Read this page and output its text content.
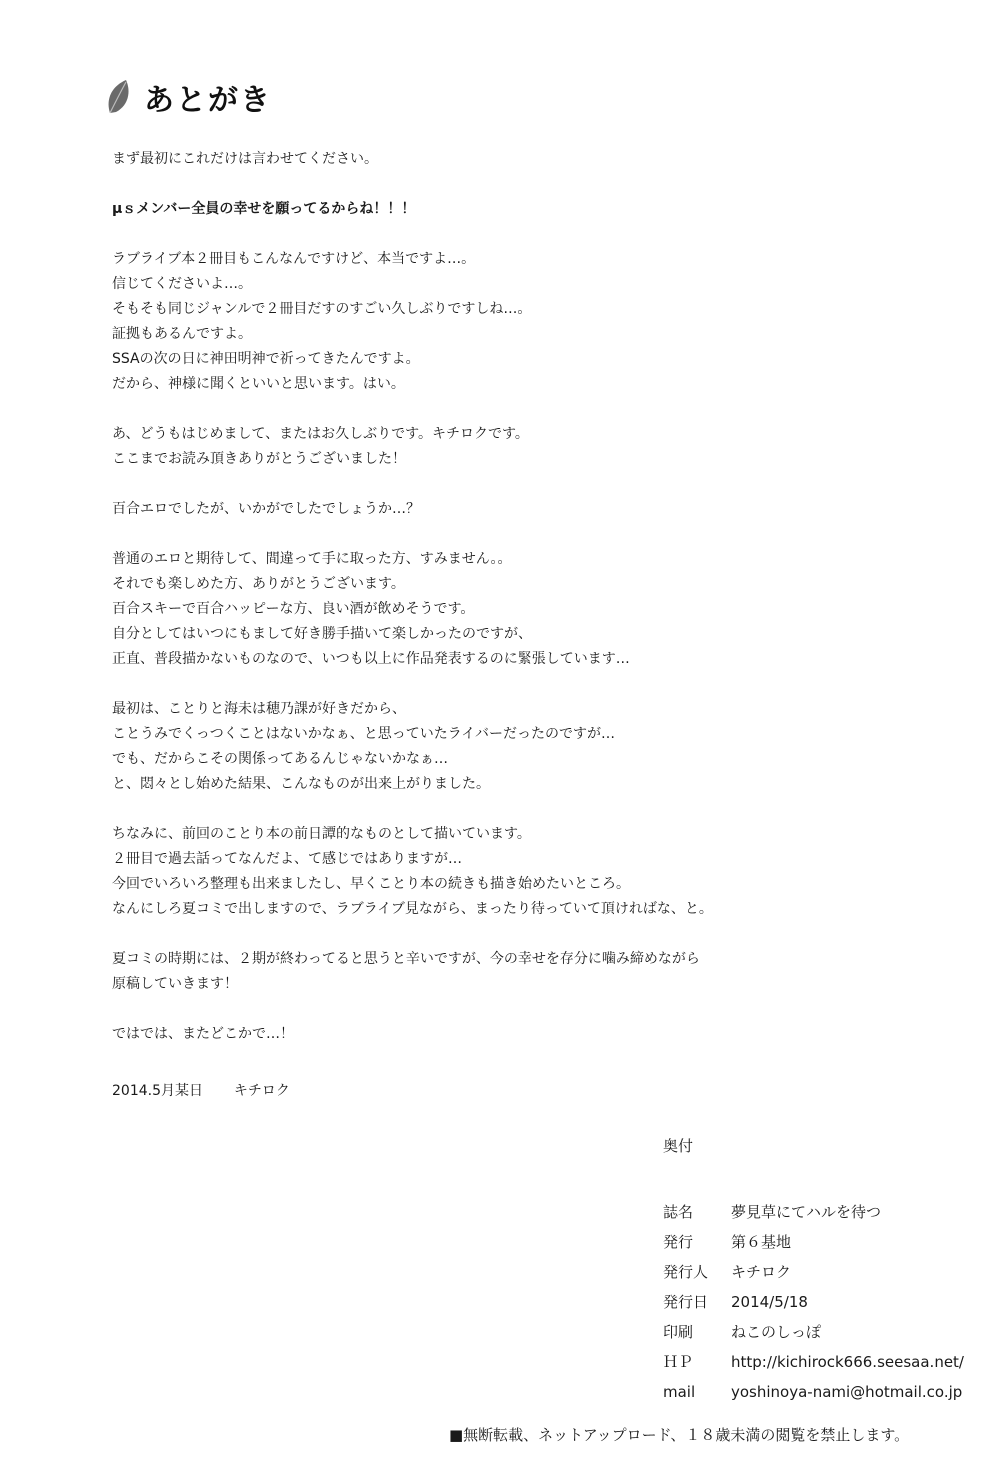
あとがき
まず最初にこれだけは言わせてください。
μｓメンバー全員の幸せを願ってるからね！！！
ラブライブ本２冊目もこんなんですけど、本当ですよ…。
信じてくださいよ…。
そもそも同じジャンルで２冊目だすのすごい久しぶりですしね…。
証拠もあるんですよ。
SSAの次の日に神田明神で祈ってきたんですよ。
だから、神様に聞くといいと思います。はい。
あ、どうもはじめまして、またはお久しぶりです。キチロクです。
ここまでお読み頂きありがとうございました！
百合エロでしたが、いかがでしたでしょうか…？
普通のエロと期待して、間違って手に取った方、すみません。。
それでも楽しめた方、ありがとうございます。
百合スキーで百合ハッピーな方、良い酒が飲めそうです。
自分としてはいつにもまして好き勝手描いて楽しかったのですが、
正直、普段描かないものなので、いつも以上に作品発表するのに緊張しています…
最初は、ことりと海未は穂乃課が好きだから、
ことうみでくっつくことはないかなぁ、と思っていたライバーだったのですが…
でも、だからこその関係ってあるんじゃないかなぁ…
と、悶々とし始めた結果、こんなものが出来上がりました。
ちなみに、前回のことり本の前日譚的なものとして描いています。
２冊目で過去話ってなんだよ、て感じではありますが…
今回でいろいろ整理も出来ましたし、早くことり本の続きも描き始めたいところ。
なんにしろ夏コミで出しますので、ラブライブ見ながら、まったり待っていて頂ければな、と。
夏コミの時期には、２期が終わってると思うと辛いですが、今の幸せを存分に噛み締めながら
原稿していきます！
ではでは、またどこかで…！
2014.5月某日 キチロク
奥付
誌名	夢見草にてハルを待つ
発行	第６基地
発行人	キチロク
発行日	2014/5/18
印刷	ねこのしっぽ
ＨＰ	http://kichirock666.seesaa.net/
mail	yoshinoya-nami@hotmail.co.jp
■無断転載、ネットアップロード、１８歳未満の閲覧を禁止します。
